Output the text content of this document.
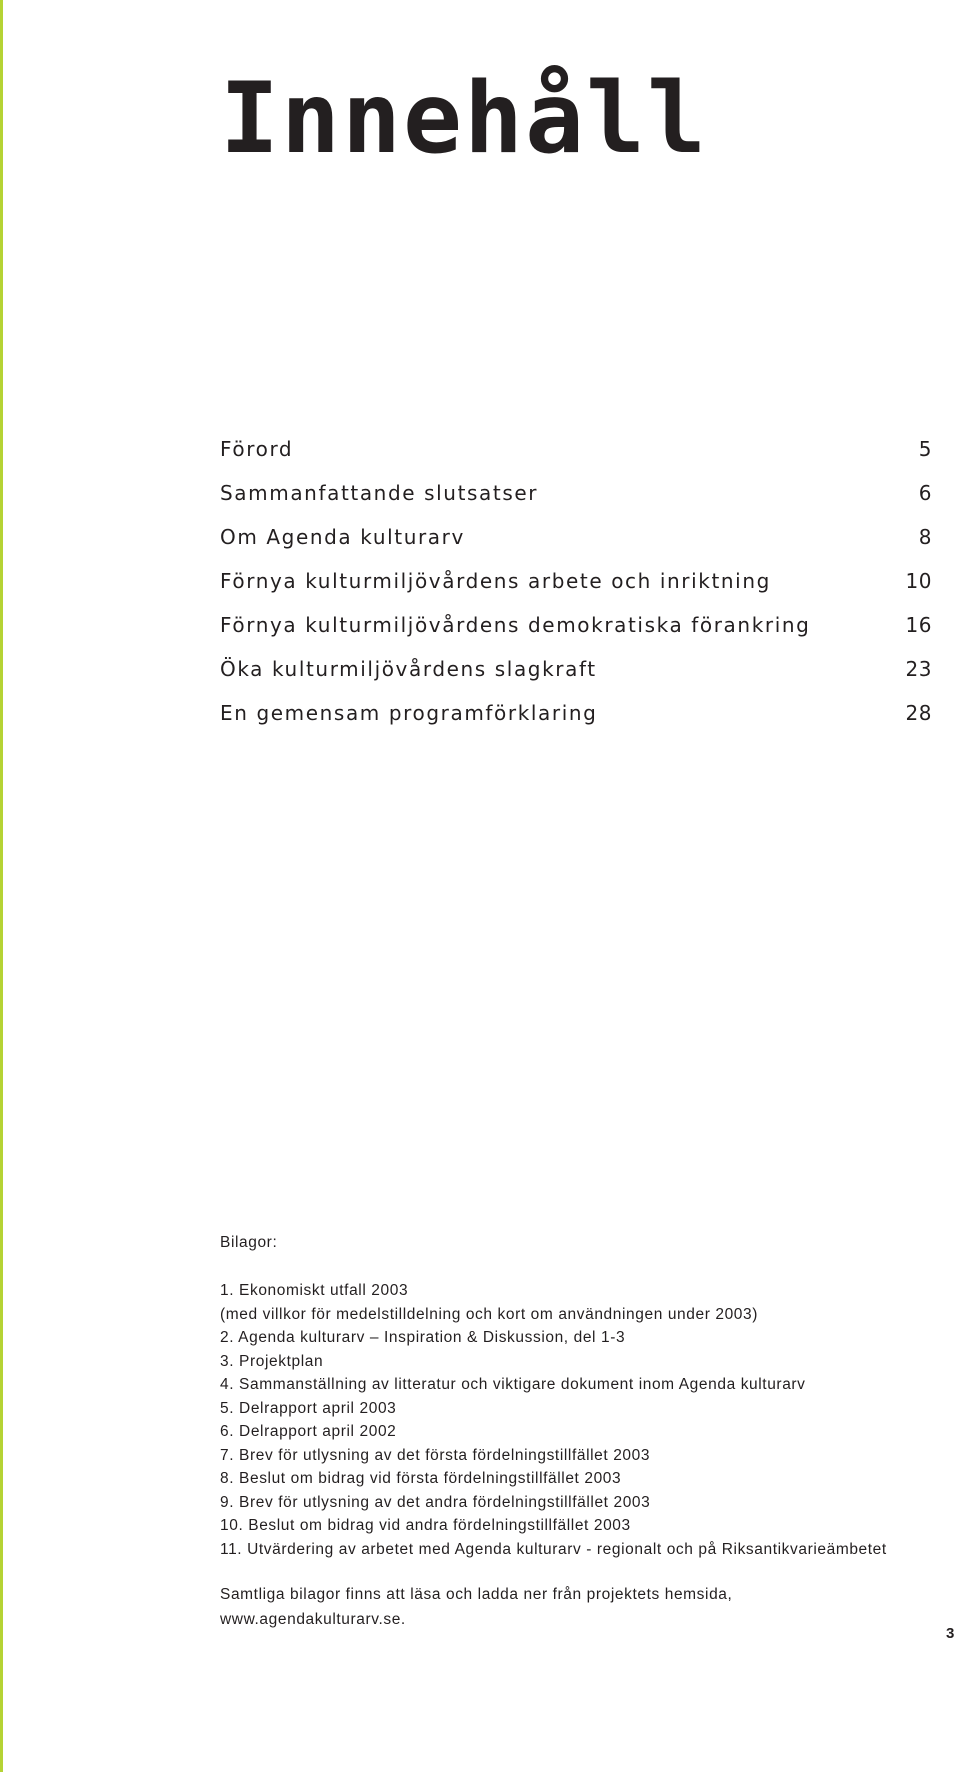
Innehåll
Förord	5
Sammanfattande slutsatser	6
Om Agenda kulturarv	8
Förnya kulturmiljövårdens arbete och inriktning	10
Förnya kulturmiljövårdens demokratiska förankring	16
Öka kulturmiljövårdens slagkraft	23
En gemensam programförklaring	28
Bilagor:
1. Ekonomiskt utfall 2003
(med villkor för medelstilldelning och kort om användningen under 2003)
2. Agenda kulturarv – Inspiration & Diskussion, del 1-3
3. Projektplan
4. Sammanställning av litteratur och viktigare dokument inom Agenda kulturarv
5. Delrapport april 2003
6. Delrapport april 2002
7. Brev för utlysning av det första fördelningstillfället 2003
8. Beslut om bidrag vid första fördelningstillfället 2003
9. Brev för utlysning av det andra fördelningstillfället 2003
10. Beslut om bidrag vid andra fördelningstillfället 2003
11. Utvärdering av arbetet med Agenda kulturarv - regionalt och på Riksantikvarieämbetet
Samtliga bilagor finns att läsa och ladda ner från projektets hemsida,
www.agendakulturarv.se.
3
